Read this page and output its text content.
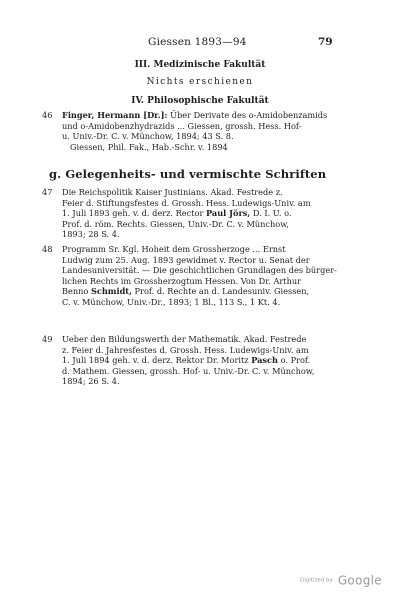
Giessen 1893—94	79
III. Medizinische Fakultät
Nichts erschienen
IV. Philosophische Fakultät
46	Finger, Hermann [Dr.]: Über Derivate des o-Amidobenzamids
und o-Amidobenzhydrazids ... Giessen, grossh. Hess. Hof-
u. Univ.-Dr. C. v. Münchow, 1894; 43 S. 8.
Giessen, Phil. Fak., Hab.-Schr. v. 1894
g. Gelegenheits- und vermischte Schriften
47	Die Reichspolitik Kaiser Justinians. Akad. Festrede z.
Feier d. Stiftungsfestes d. Grossh. Hess. Ludewigs-Univ. am
1. Juli 1893 geh. v. d. derz. Rector Paul Jörs, D. I. U. o.
Prof. d. röm. Rechts. Giessen, Univ.-Dr. C. v. Münchow,
1893; 28 S. 4.
48	Programm Sr. Kgl. Hoheit dem Grossherzoge ... Ernst
Ludwig zum 25. Aug. 1893 gewidmet v. Rector u. Senat der
Landesuniversität. — Die geschichtlichen Grundlagen des bürger-
lichen Rechts im Grossherzogtum Hessen. Von Dr. Arthur
Benno Schmidt, Prof. d. Rechte an d. Landesuniv. Giessen,
C. v. Münchow, Univ.-Dr., 1893; 1 Bl., 113 S., 1 Kt. 4.
49	Ueber den Bildungswerth der Mathematik. Akad. Festrede
z. Feier d. Jahresfestes d. Grossh. Hess. Ludewigs-Univ. am
1. Juli 1894 geh. v. d. derz. Rektor Dr. Moritz Pasch o. Prof.
d. Mathem. Giessen, grossh. Hof- u. Univ.-Dr. C. v. Münchow,
1894; 26 S. 4.
Digitized by Google
